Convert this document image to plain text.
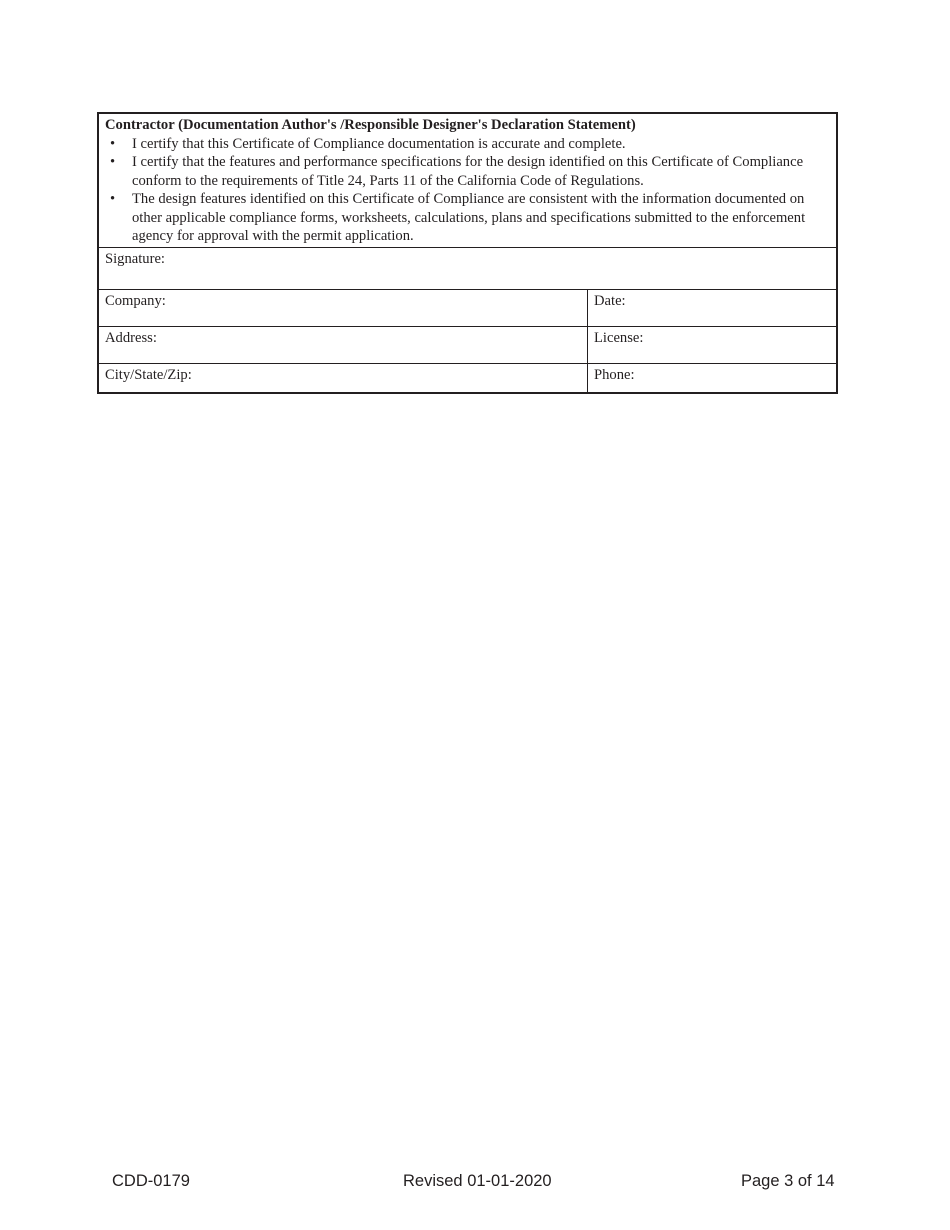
Contractor (Documentation Author's /Responsible Designer's Declaration Statement)
• I certify that this Certificate of Compliance documentation is accurate and complete.
• I certify that the features and performance specifications for the design identified on this Certificate of Compliance conform to the requirements of Title 24, Parts 11 of the California Code of Regulations.
• The design features identified on this Certificate of Compliance are consistent with the information documented on other applicable compliance forms, worksheets, calculations, plans and specifications submitted to the enforcement agency for approval with the permit application.
Signature:
Company:	Date:
Address:	License:
City/State/Zip:	Phone:
CDD-0179	Revised 01-01-2020	Page 3 of 14
